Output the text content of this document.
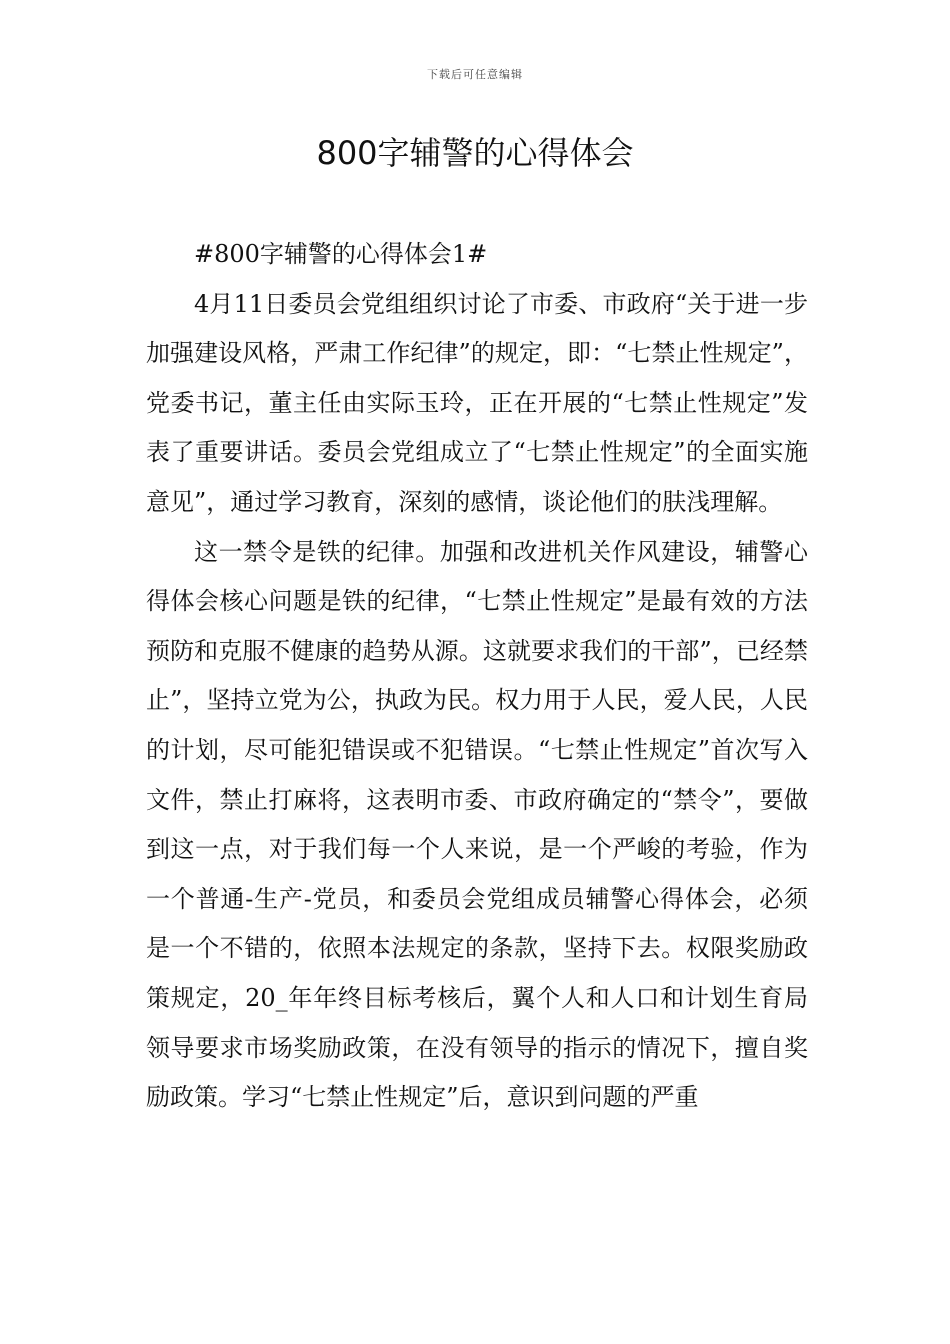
下载后可任意编辑
800字辅警的心得体会

#800字辅警的心得体会1#

4月11日委员会党组组织讨论了市委、市政府“关于进一步加强建设风格，严肃工作纪律”的规定，即：“七禁止性规定”，党委书记，董主任由实际玉玲，正在开展的“七禁止性规定”发表了重要讲话。委员会党组成立了“七禁止性规定”的全面实施意见”，通过学习教育，深刻的感情，谈论他们的肤浅理解。

这一禁令是铁的纪律。加强和改进机关作风建设，辅警心得体会核心问题是铁的纪律，“七禁止性规定”是最有效的方法预防和克服不健康的趋势从源。这就要求我们的干部”，已经禁止”，坚持立党为公，执政为民。权力用于人民，爱人民，人民的计划，尽可能犯错误或不犯错误。“七禁止性规定”首次写入文件，禁止打麻将，这表明市委、市政府确定的“禁令”，要做到这一点，对于我们每一个人来说，是一个严峻的考验，作为一个普通-生产-党员，和委员会党组成员辅警心得体会，必须是一个不错的，依照本法规定的条款，坚持下去。权限奖励政策规定，20_年年终目标考核后，翼个人和人口和计划生育局领导要求市场奖励政策，在没有领导的指示的情况下，擅自奖励政策。学习“七禁止性规定”后，意识到问题的严重
